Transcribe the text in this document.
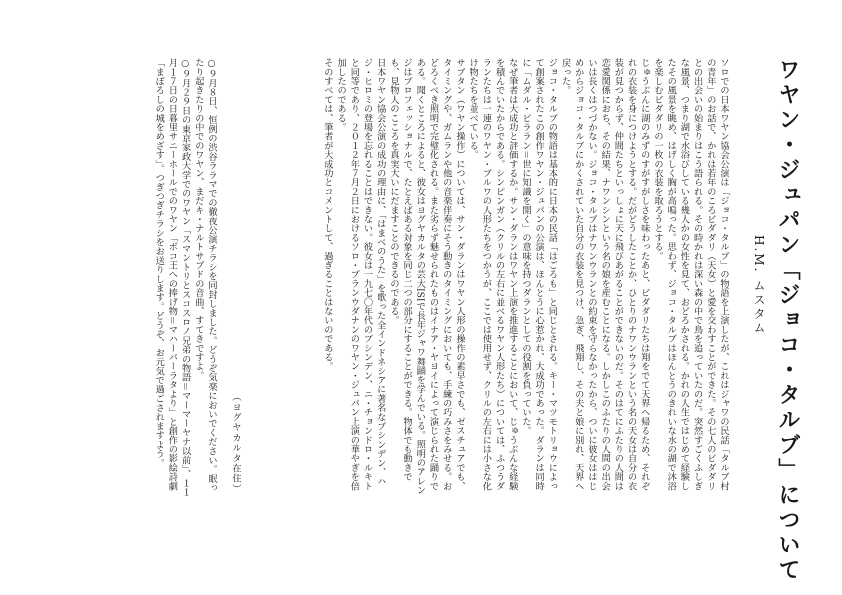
ワヤン・ジュパン「ジョコ・タルブ」について
H.M. ムスタム

ソロでの日本ワヤン協会公演は「ジョコ・タルブ」の物語を上演したが、これはジャワの民話「タルブ村の青年」のお話で、かれは若年のころビダダリ（天女）と愛を交わすことができた。その七人のビダダリとの出会いの始まりはこう語られる。その時かれは深い森の中で鳥を追っていたのだ。突然すごくふしぎな風景、つまり湖で水浴びしている幾人かの女性を見て、おどろかされる。かれの人生ではじめて経験したその風景を眺め、はげしく胸が高鳴った。思わず、ジョコ・タルブはほんとうのきれいな水の湖で沐浴を楽しむビダダリの一枚の衣装を取ろうとする。

じゅうぶんに湖のみずのすがすがしさを味わったあと、ビダダリたちは翔をでて天界へ帰るため、それぞれの衣装を身につけようとする。だがどうしたことか、ひとりのナワンウランという名の天女は自分の衣装が見つからず、仲間たちといっしょに天に飛びあがることができないのだ。そのはてにふたりの人間は恋愛関係におち、その結果、ナワンシンという名の娘を産むことになる。しかしこのふたりの人間の出会いは長くはつづかない。ジョコ・タルブはナワンウランとの約束を守らなかったから、ついに彼女ははじめからジョコ・タルブにかくされていた自分の衣装を見つけ、急ぎ、飛翔し、その夫と娘に別れ、天界へ戻った。

ジョコ・タルブの物語は基本的に日本の民話「はごろも」と同じとされる。キー・マツモトリョウによって創案されたこの創作ワヤン・ジュパンの公演は、ほんとうに心惹かれ、大成功であった。ダランは同時に「ムダル・ピララン＝世に知識を開く」の意味を持つダランとしての役割を負っていた。

なぜ筆者は大成功と評価するか。サン・ダランはワヤン上演を推進することにおいて、じゅうぶんな経験を積んでいたからである。シンピンガン（クリルの左右に並べるワヤン人形たち）については、ふつうダランたちは一連のワヤン・ブルワの人形たちをつかうが、ここでは使用せず、クリルの左右には小さな化け物たちを並べている。

サブタン（ワヤン操作）については、サン・ダランはワヤン人形の操作の素早さでも、ゼスチュアでも、タイミングや、ガムランや他の音楽伴奏にそう動きのタイミングにおいても、手練の巧みさをみせる。おどろくべき照明で完璧化される。また劣らず魅せられたものはイナア・ヤヨイによって演じられた踊りである。聞くところによると、彼女はヨグヤカルタの芸大ISIで長年ジャワ舞踊を学んでいる。照明のアレンジはプロフェッショナルで、たとえばある対象を同じ二つの部分にすることができる。物体でも動きでも、見物人のこころを真実大いにだますことのできるのである。

日本ワヤン協会公演の成功の理由に、「はまべのうた」を歌った全インドネシアに著名なプシンデン、ハジ・ヒロミの登場を忘れることはできない。彼女は一九七〇年代のプシンデン、ニ・チョンドロ・ルキトと同等であり、２０１２年７月２日におけるソロ・プランウダナンのワヤン・ジュパン上演の華やぎを倍加したのである。

そのすべては、筆者が大成功とコメントして、過ぎることはないのである。

（ヨグヤカルタ在住）

○９月８日、恒例の渋谷ララマでの徹夜公演チラシを同封しました。どうぞ気楽においでください。眠ったり起きたりの中でのワヤン、まだキ・ナルトサブドの音曲、すてきですよ。

○９月２９日の東京家政大学でのワヤン「スマントリとスコスロノ兄弟の物語＝マーマーヤナ以前」、１１月１７日の日暮里サニーホールでのワヤン「ボコ王への捧げ物＝マハーバーラタより」と創作の影絵詩劇「まぼろしの城をめざす」。つぎつぎチラシをお送りします。どうぞ、お元気で過ごされますよう。
